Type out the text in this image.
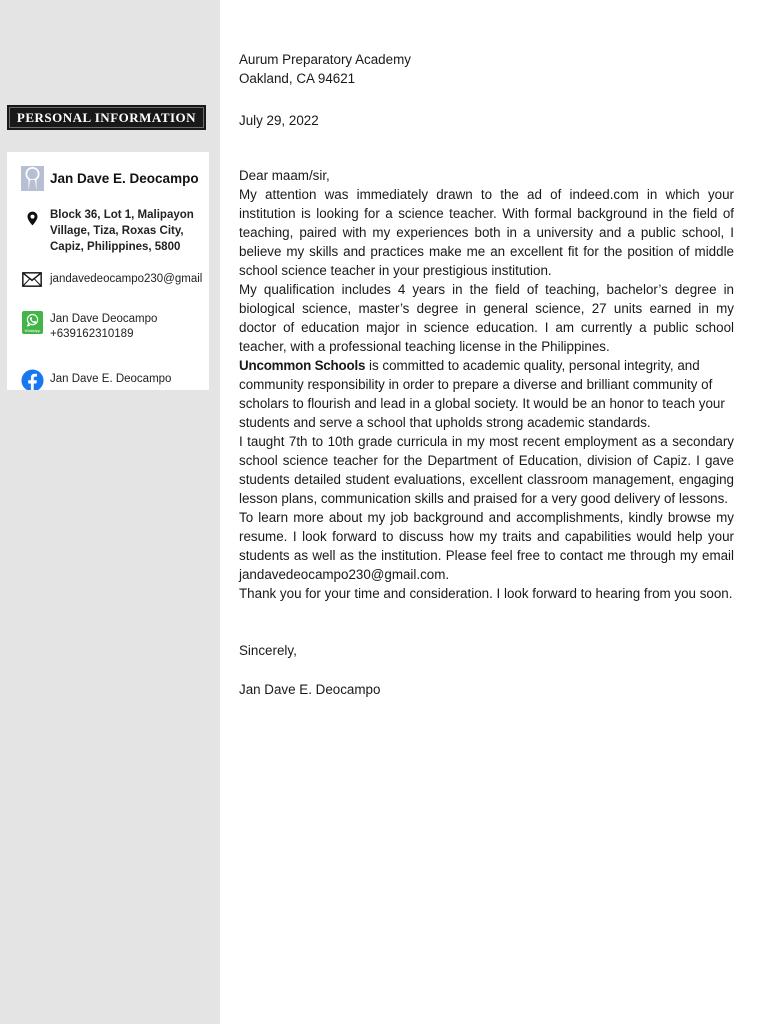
PERSONAL INFORMATION
Jan Dave E. Deocampo
Block 36, Lot 1, Malipayon
Village, Tiza, Roxas City,
Capiz, Philippines, 5800
jandavedeocampo230@gmail
WhatsApp
Jan Dave Deocampo
+639162310189
Jan Dave E. Deocampo
Aurum Preparatory Academy
Oakland, CA 94621
July 29, 2022
Dear maam/sir,

My attention was immediately drawn to the ad of indeed.com in which your institution is looking for a science teacher. With formal background in the field of teaching, paired with my experiences both in a university and a public school, I believe my skills and practices make me an excellent fit for the position of middle school science teacher in your prestigious institution.

My qualification includes 4 years in the field of teaching, bachelor’s degree in biological science, master’s degree in general science, 27 units earned in my doctor of education major in science education. I am currently a public school teacher, with a professional teaching license in the Philippines.

Uncommon Schools is committed to academic quality, personal integrity, and community responsibility in order to prepare a diverse and brilliant community of scholars to flourish and lead in a global society. It would be an honor to teach your students and serve a school that upholds strong academic standards.

I taught 7th to 10th grade curricula in my most recent employment as a secondary school science teacher for the Department of Education, division of Capiz. I gave students detailed student evaluations, excellent classroom management, engaging lesson plans, communication skills and praised for a very good delivery of lessons.

To learn more about my job background and accomplishments, kindly browse my resume. I look forward to discuss how my traits and capabilities would help your students as well as the institution. Please feel free to contact me through my email jandavedeocampo230@gmail.com.

Thank you for your time and consideration. I look forward to hearing from you soon.

Sincerely,
Jan Dave E. Deocampo
